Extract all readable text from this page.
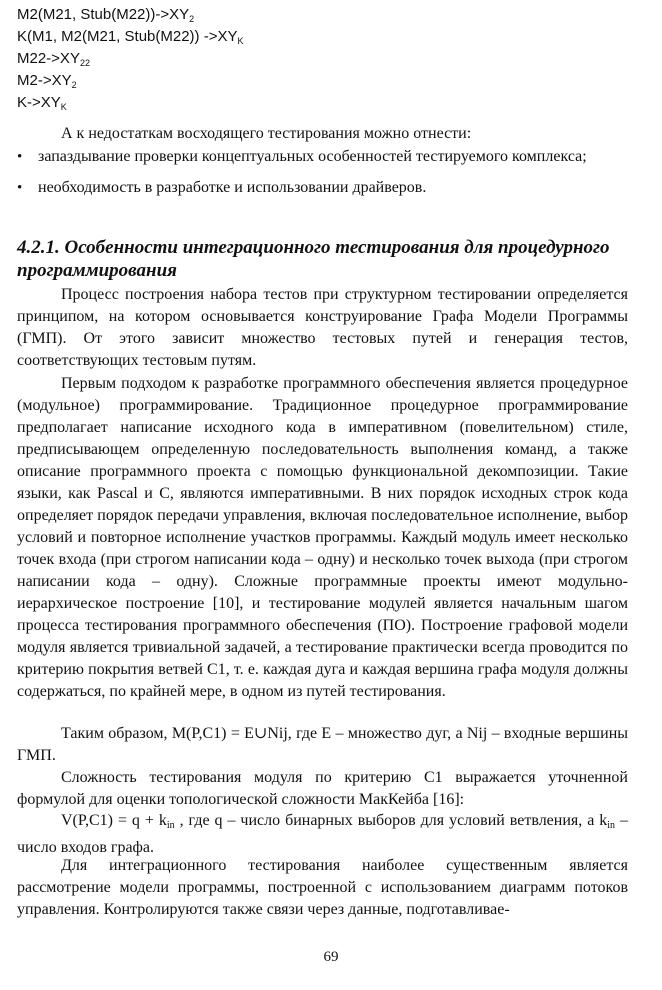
M2(M21, $Stub(M22))->XY_2$
K(M1, M2(M21, Stub(M22)) $->XY_K$
$M22->XY_{22}$
$M2->XY_2$
$K->XY_K$
А к недостаткам восходящего тестирования можно отнести:
• запаздывание проверки концептуальных особенностей тестируемого комплекса;
• необходимость в разработке и использовании драйверов.
4.2.1. Особенности интеграционного тестирования для процедурного программирования
Процесс построения набора тестов при структурном тестировании определяется принципом, на котором основывается конструирование Графа Модели Программы (ГМП). От этого зависит множество тестовых путей и генерация тестов, соответствующих тестовым путям.
Первым подходом к разработке программного обеспечения является процедурное (модульное) программирование. Традиционное процедурное программирование предполагает написание исходного кода в императивном (повелительном) стиле, предписывающем определенную последовательность выполнения команд, а также описание программного проекта с помощью функциональной декомпозиции. Такие языки, как Pascal и C, являются императивными. В них порядок исходных строк кода определяет порядок передачи управления, включая последовательное исполнение, выбор условий и повторное исполнение участков программы. Каждый модуль имеет несколько точек входа (при строгом написании кода – одну) и несколько точек выхода (при строгом написании кода – одну). Сложные программные проекты имеют модульно-иерархическое построение [10], и тестирование модулей является начальным шагом процесса тестирования программного обеспечения (ПО). Построение графовой модели модуля является тривиальной задачей, а тестирование практически всегда проводится по критерию покрытия ветвей C1, т. е. каждая дуга и каждая вершина графа модуля должны содержаться, по крайней мере, в одном из путей тестирования.
Таким образом, M(P,C1) = E∪Nij, где Е – множество дуг, а Nij – входные вершины ГМП.
Сложность тестирования модуля по критерию С1 выражается уточненной формулой для оценки топологической сложности МакКейба [16]:
$V(P,C1) = q + k_{in}$ , где q – число бинарных выборов для условий ветвления, а $k_{in}$ – число входов графа.
Для интеграционного тестирования наиболее существенным является рассмотрение модели программы, построенной с использованием диаграмм потоков управления. Контролируются также связи через данные, подготавливае-
69
